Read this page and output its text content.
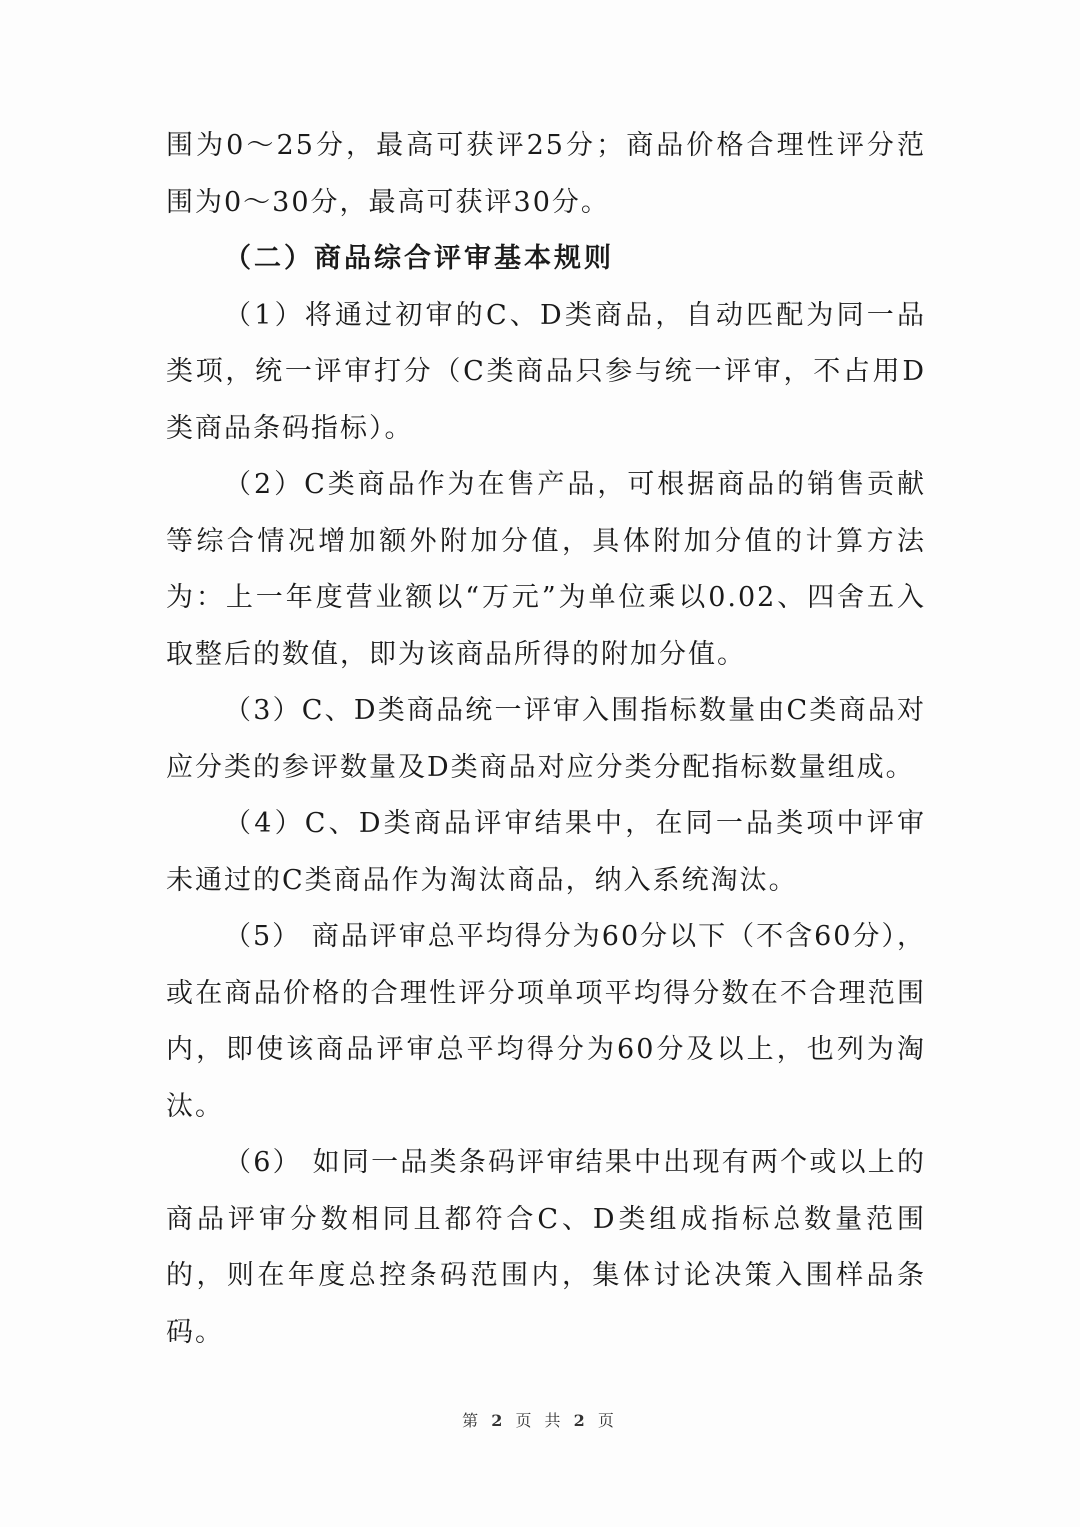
围为0～25分，最高可获评25分；商品价格合理性评分范围为0～30分，最高可获评30分。

（二）商品综合评审基本规则

（1）将通过初审的C、D类商品，自动匹配为同一品类项，统一评审打分（C类商品只参与统一评审，不占用D类商品条码指标）。

（2）C类商品作为在售产品，可根据商品的销售贡献等综合情况增加额外附加分值，具体附加分值的计算方法为：上一年度营业额以“万元”为单位乘以0.02、四舍五入取整后的数值，即为该商品所得的附加分值。

（3）C、D类商品统一评审入围指标数量由C类商品对应分类的参评数量及D类商品对应分类分配指标数量组成。

（4）C、D类商品评审结果中，在同一品类项中评审未通过的C类商品作为淘汰商品，纳入系统淘汰。

（5） 商品评审总平均得分为60分以下（不含60分），或在商品价格的合理性评分项单项平均得分数在不合理范围内，即使该商品评审总平均得分为60分及以上，也列为淘汰。

（6） 如同一品类条码评审结果中出现有两个或以上的商品评审分数相同且都符合C、D类组成指标总数量范围的，则在年度总控条码范围内，集体讨论决策入围样品条码。

第 2 页 共 2 页
